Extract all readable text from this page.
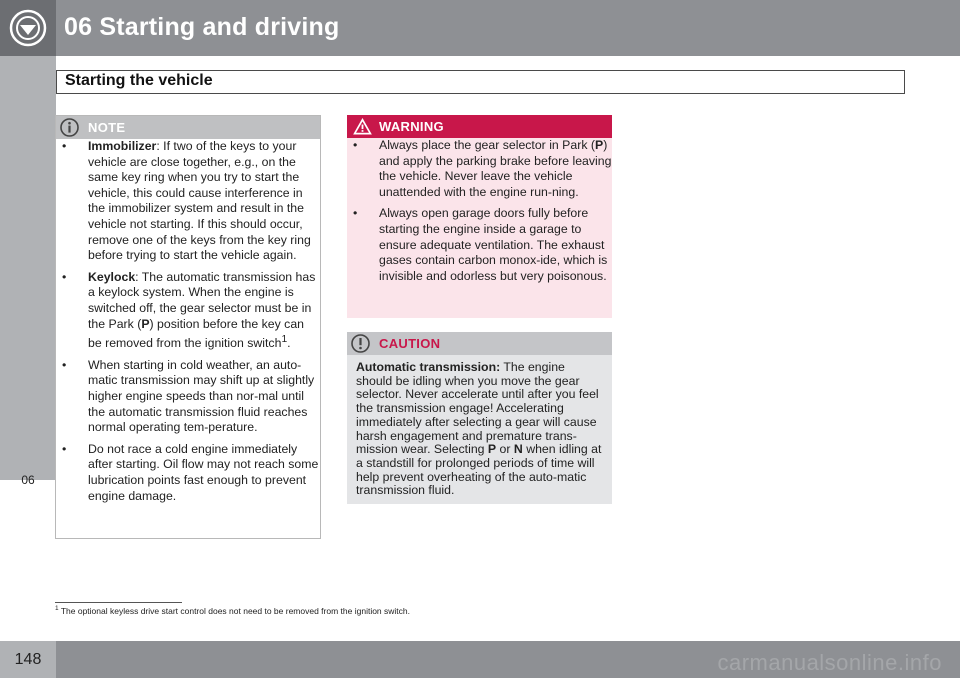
06 Starting and driving
Starting the vehicle
06
NOTE
• Immobilizer: If two of the keys to your vehicle are close together, e.g., on the same key ring when you try to start the vehicle, this could cause interference in the immobilizer system and result in the vehicle not starting. If this should occur, remove one of the keys from the key ring before trying to start the vehicle again.
• Keylock: The automatic transmission has a keylock system. When the engine is switched off, the gear selector must be in the Park (P) position before the key can be removed from the ignition switch$^1$.
• When starting in cold weather, an auto-matic transmission may shift up at slightly higher engine speeds than nor-mal until the automatic transmission fluid reaches normal operating tem-perature.
• Do not race a cold engine immediately after starting. Oil flow may not reach some lubrication points fast enough to prevent engine damage.
WARNING
• Always place the gear selector in Park (P) and apply the parking brake before leaving the vehicle. Never leave the vehicle unattended with the engine run-ning.
• Always open garage doors fully before starting the engine inside a garage to ensure adequate ventilation. The exhaust gases contain carbon monox-ide, which is invisible and odorless but very poisonous.
CAUTION
Automatic transmission: The engine should be idling when you move the gear selector. Never accelerate until after you feel the transmission engage! Accelerating immediately after selecting a gear will cause harsh engagement and premature trans-mission wear. Selecting P or N when idling at a standstill for prolonged periods of time will help prevent overheating of the auto-matic transmission fluid.
$^1$ The optional keyless drive start control does not need to be removed from the ignition switch.
148	carmanualsonline.info
